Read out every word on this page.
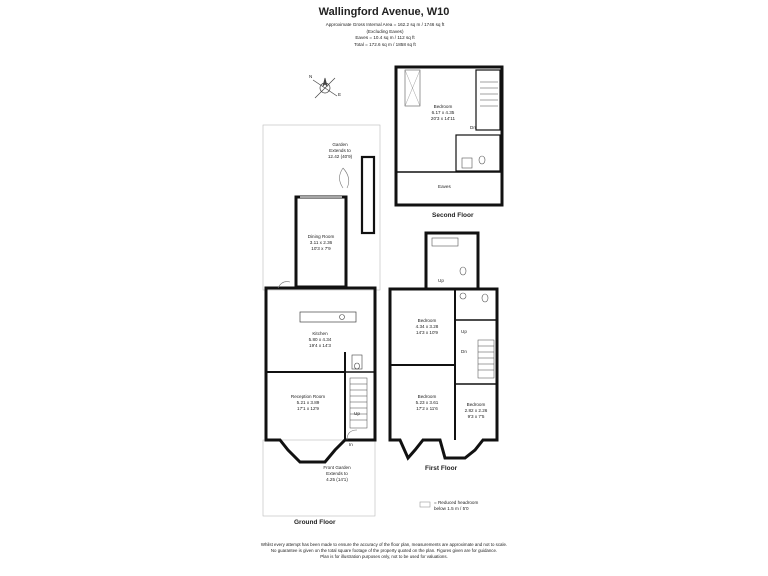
Wallingford Avenue, W10
Approximate Gross Internal Area = 162.2 sq m / 1746 sq ft
(Excluding Eaves)
Eaves = 10.4 sq m / 112 sq ft
Total = 172.6 sq m / 1858 sq ft
N
E
Garden
Extends to
12.42 (40'9)
Dining Room
3.11 x 2.36
10'3 x 7'9
Kitchen
5.80 x 4.34
19'4 x 14'3
Reception Room
5.21 x 3.89
17'1 x 12'9
Up
In
Front Garden
Extends to
4.25 (14'1)
Ground Floor
Bedroom
4.34 x 3.28
14'3 x 10'9
Bedroom
5.23 x 3.61
17'2 x 11'6
Bedroom
2.82 x 2.26
9'3 x 7'5
Up
Up
Dn
First Floor
Bedroom
6.17 x 4.35
20'3 x 14'11
Dn
Eaves
Second Floor
= Reduced headroom
below 1.5 m / 5'0
Whilst every attempt has been made to ensure the accuracy of the floor plan, measurements are approximate and not to scale.
No guarantee is given on the total square footage of the property quoted on the plan. Figures given are for guidance.
Plan is for illustration purposes only, not to be used for valuations.
